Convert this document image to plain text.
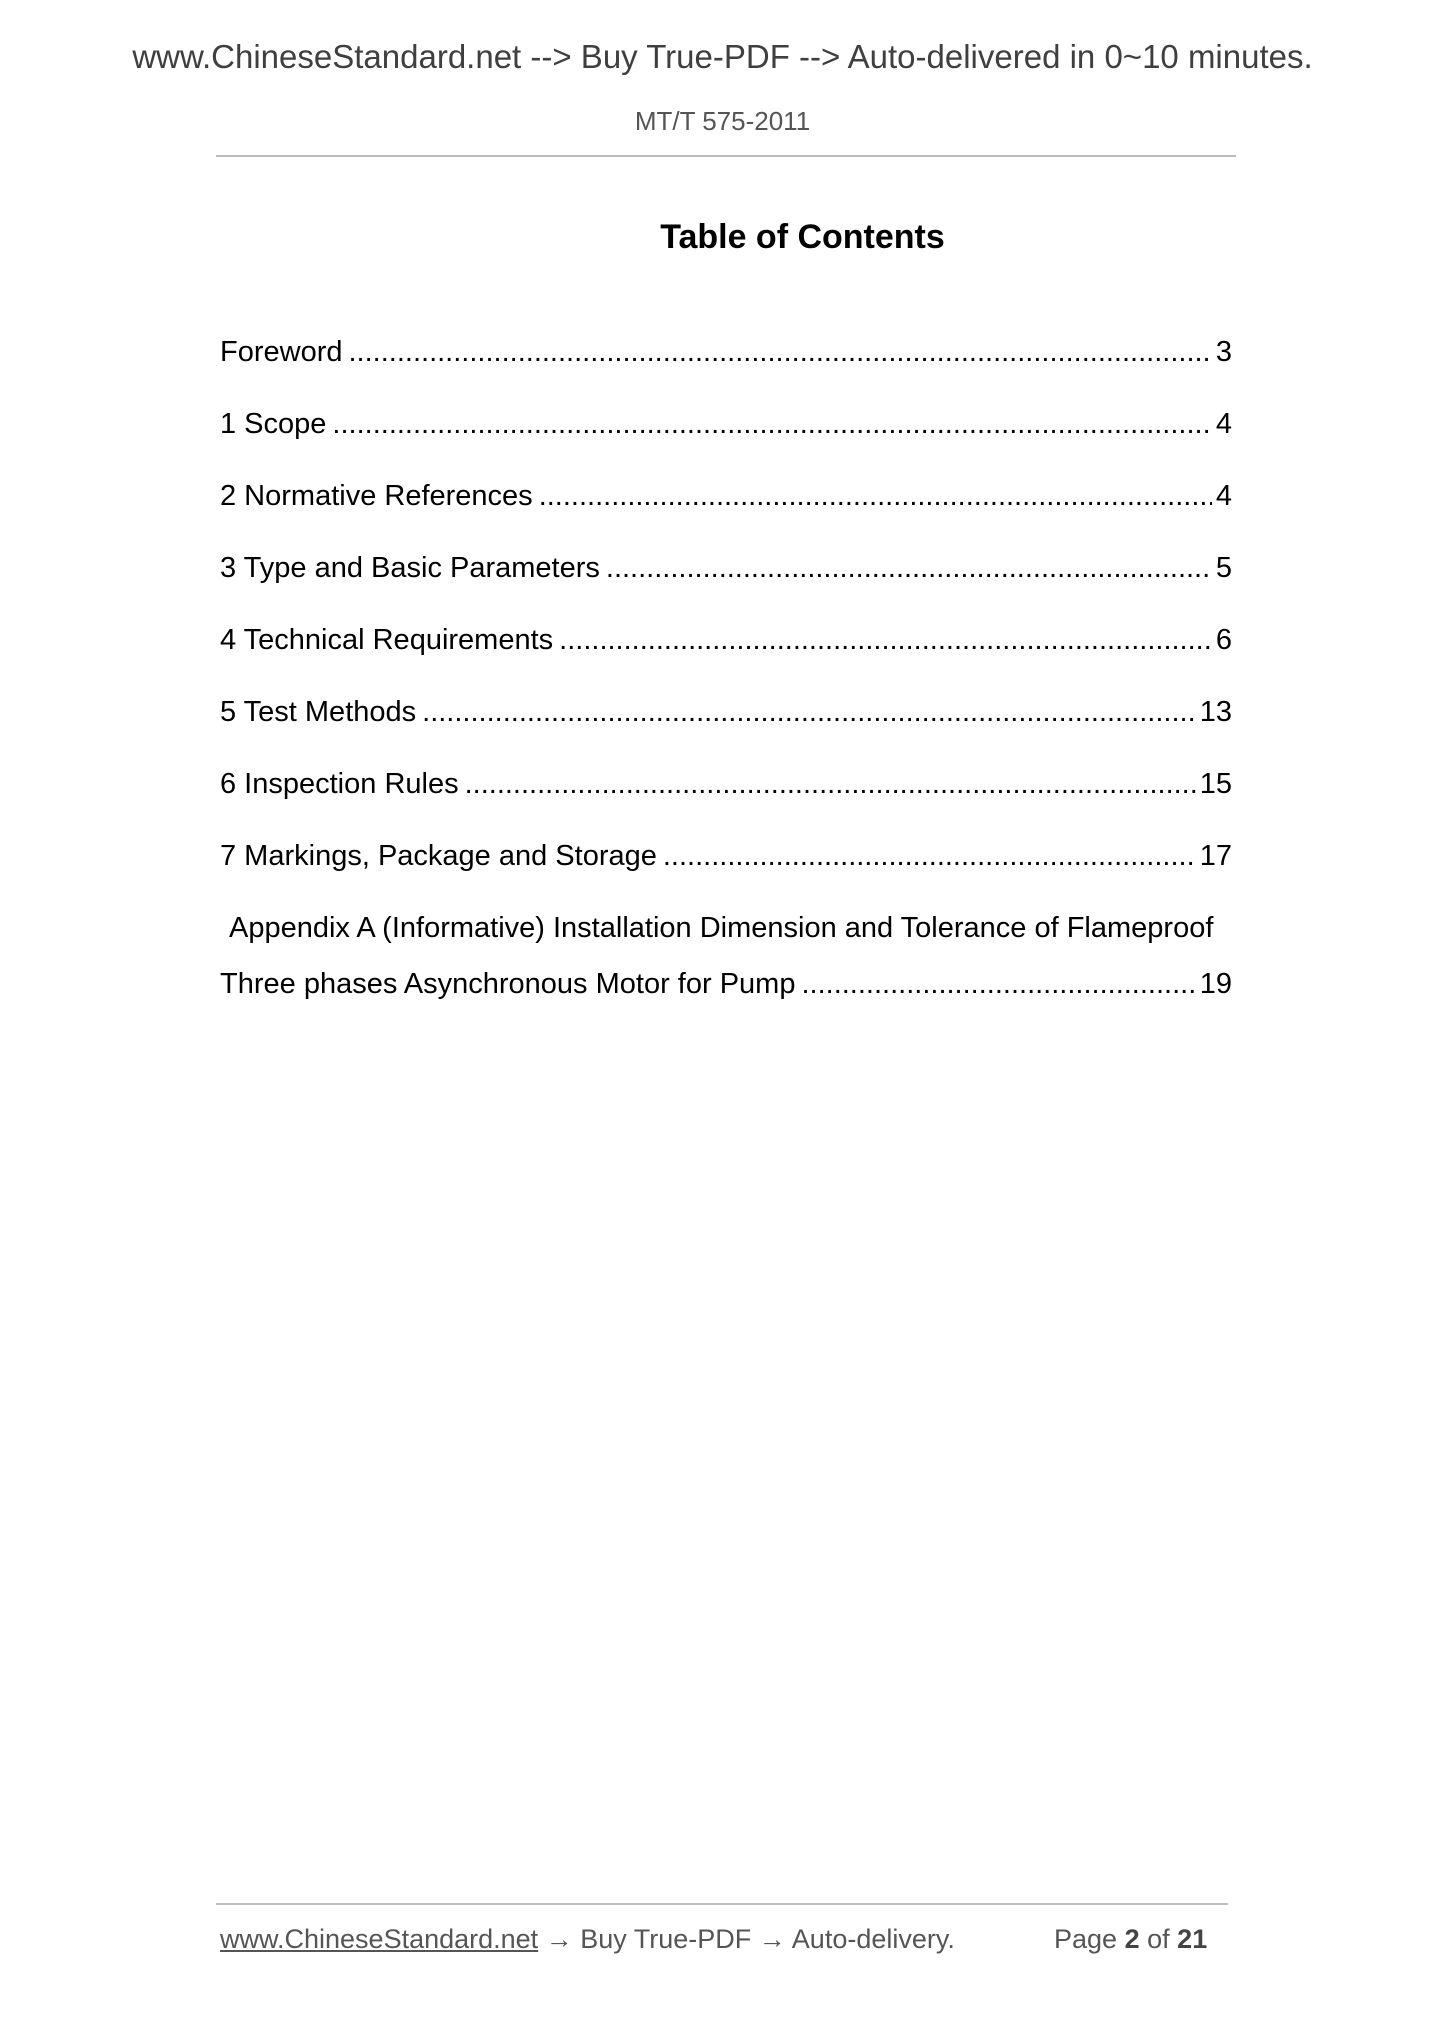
www.ChineseStandard.net --> Buy True-PDF --> Auto-delivered in 0~10 minutes.
MT/T 575-2011
Table of Contents
Foreword .....	3
1 Scope .....	4
2 Normative References .....	4
3 Type and Basic Parameters .....	5
4 Technical Requirements .....	6
5 Test Methods .....	13
6 Inspection Rules .....	15
7 Markings, Package and Storage .....	17
Appendix A (Informative) Installation Dimension and Tolerance of Flameproof
Three phases Asynchronous Motor for Pump .....	19
www.ChineseStandard.net → Buy True-PDF → Auto-delivery.	Page 2 of 21
